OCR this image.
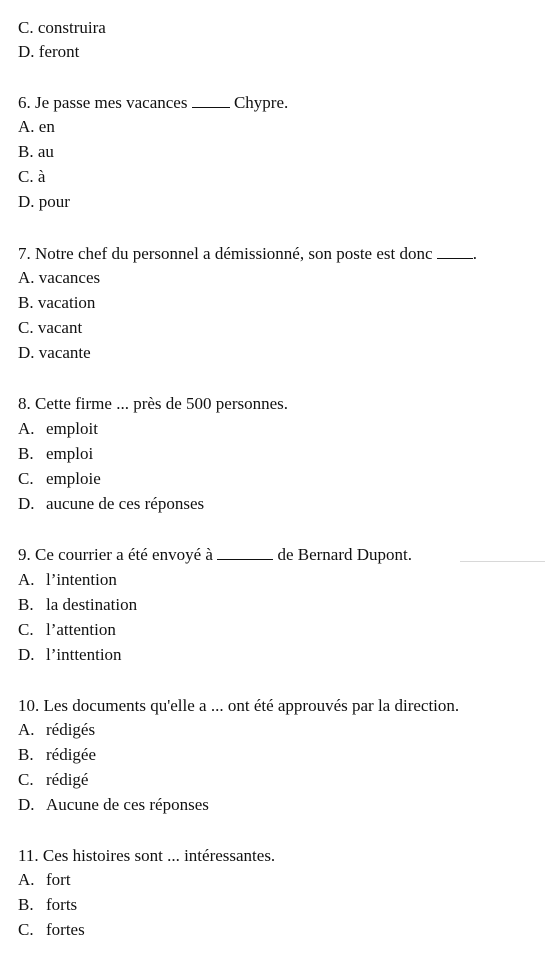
C. construira
D. feront
6. Je passe mes vacances	Chypre.
A. en
B. au
C. à
D. pour
7. Notre chef du personnel a démissionné, son poste est donc .
A. vacances
B. vacation
C. vacant
D. vacante
8. Cette firme ... près de 500 personnes.
A. emploit
B. emploi
C. emploie
D. aucune de ces réponses
9. Ce courrier a été envoyé à	de Bernard Dupont.
A. l’intention
B. la destination
C. l’attention
D. l’inttention
10. Les documents qu'elle a ... ont été approuvés par la direction.
A. rédigés
B. rédigée
C. rédigé
D. Aucune de ces réponses
11. Ces histoires sont ... intéressantes.
A. fort
B. forts
C. fortes
